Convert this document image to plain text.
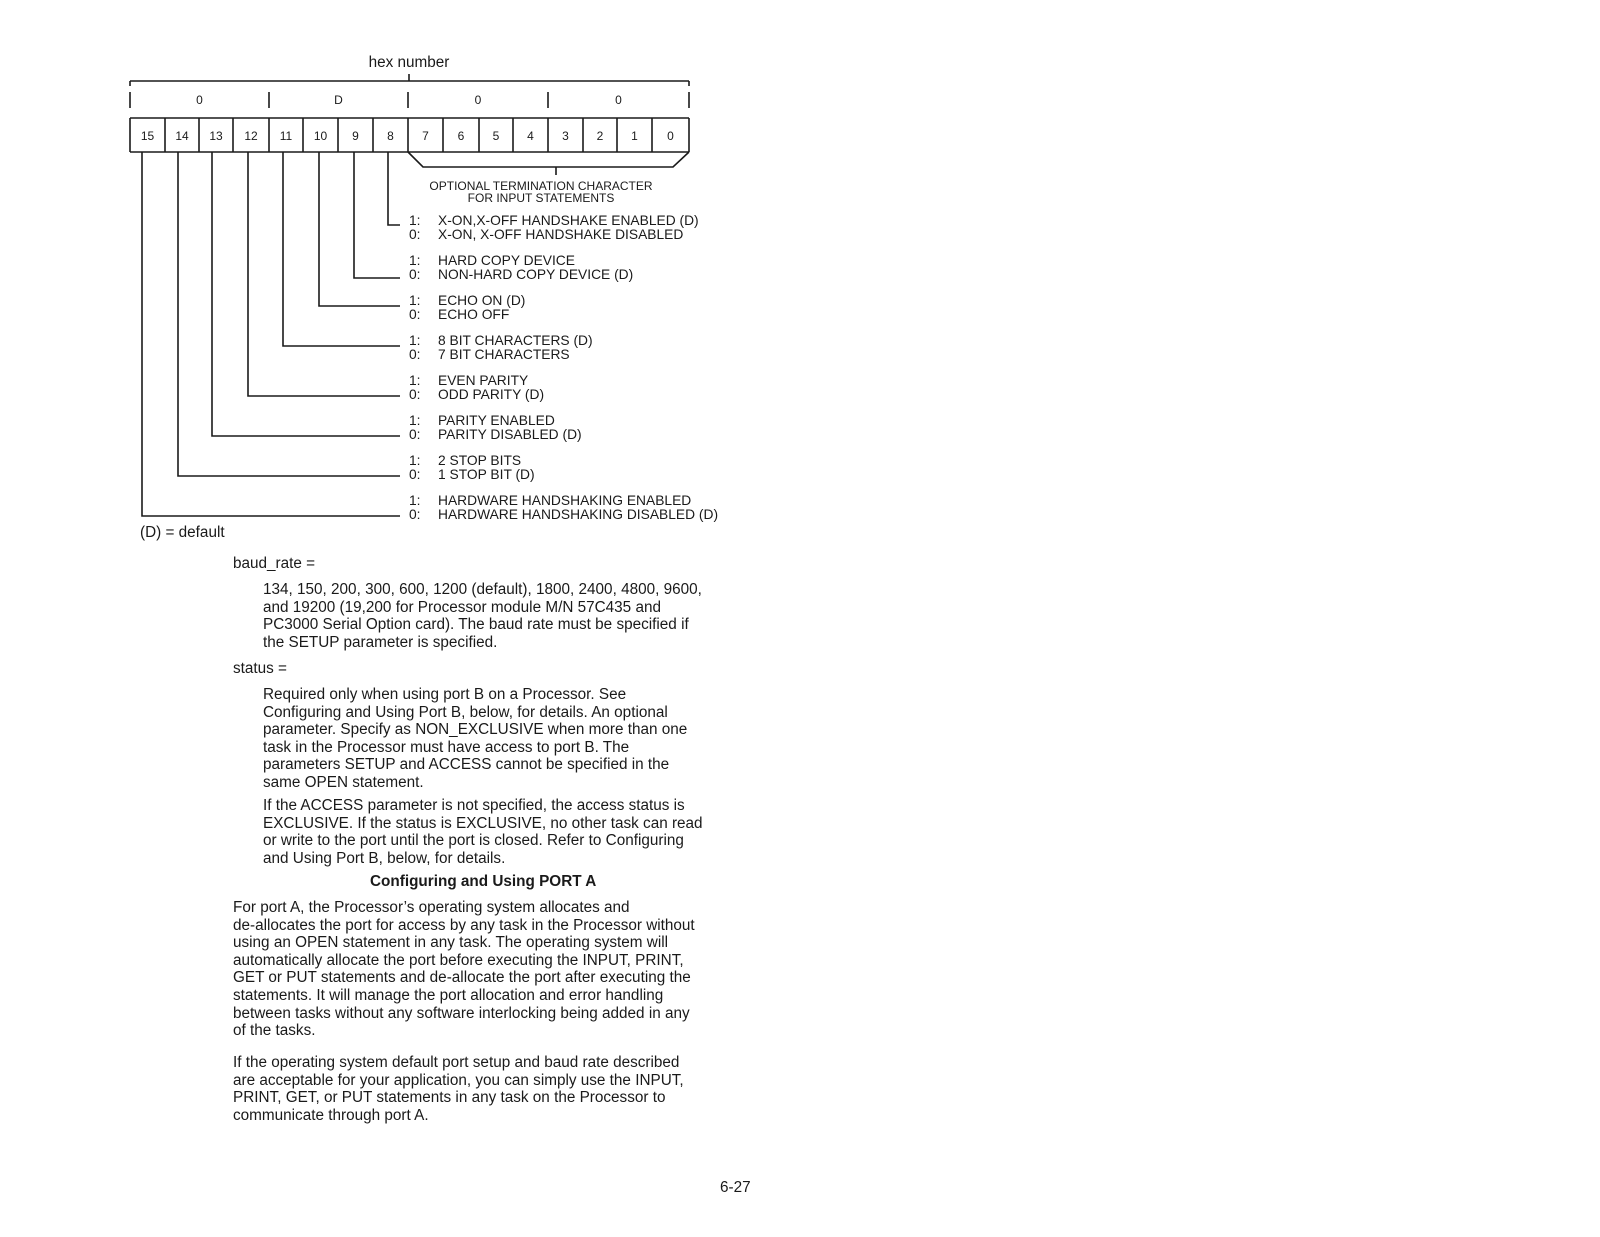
hex number
0	D	0	0
15 14 13 12 11 10 9 8 7 6 5 4 3 2 1 0
OPTIONAL TERMINATION CHARACTER
FOR INPUT STATEMENTS
1: X-ON,X-OFF HANDSHAKE ENABLED (D)
0: X-ON, X-OFF HANDSHAKE DISABLED
1: HARD COPY DEVICE
0: NON-HARD COPY DEVICE (D)
1: ECHO ON (D)
0: ECHO OFF
1: 8 BIT CHARACTERS (D)
0: 7 BIT CHARACTERS
1: EVEN PARITY
0: ODD PARITY (D)
1: PARITY ENABLED
0: PARITY DISABLED (D)
1: 2 STOP BITS
0: 1 STOP BIT (D)
1: HARDWARE HANDSHAKING ENABLED
0: HARDWARE HANDSHAKING DISABLED (D)

(D) = default

baud_rate =

134, 150, 200, 300, 600, 1200 (default), 1800, 2400, 4800, 9600,
and 19200 (19,200 for Processor module M/N 57C435 and
PC3000 Serial Option card). The baud rate must be specified if
the SETUP parameter is specified.

status =

Required only when using port B on a Processor. See
Configuring and Using Port B, below, for details. An optional
parameter. Specify as NON_EXCLUSIVE when more than one
task in the Processor must have access to port B. The
parameters SETUP and ACCESS cannot be specified in the
same OPEN statement.

If the ACCESS parameter is not specified, the access status is
EXCLUSIVE. If the status is EXCLUSIVE, no other task can read
or write to the port until the port is closed. Refer to Configuring
and Using Port B, below, for details.

Configuring and Using PORT A

For port A, the Processor’s operating system allocates and
de-allocates the port for access by any task in the Processor without
using an OPEN statement in any task. The operating system will
automatically allocate the port before executing the INPUT, PRINT,
GET or PUT statements and de-allocate the port after executing the
statements. It will manage the port allocation and error handling
between tasks without any software interlocking being added in any
of the tasks.

If the operating system default port setup and baud rate described
are acceptable for your application, you can simply use the INPUT,
PRINT, GET, or PUT statements in any task on the Processor to
communicate through port A.

6-27
